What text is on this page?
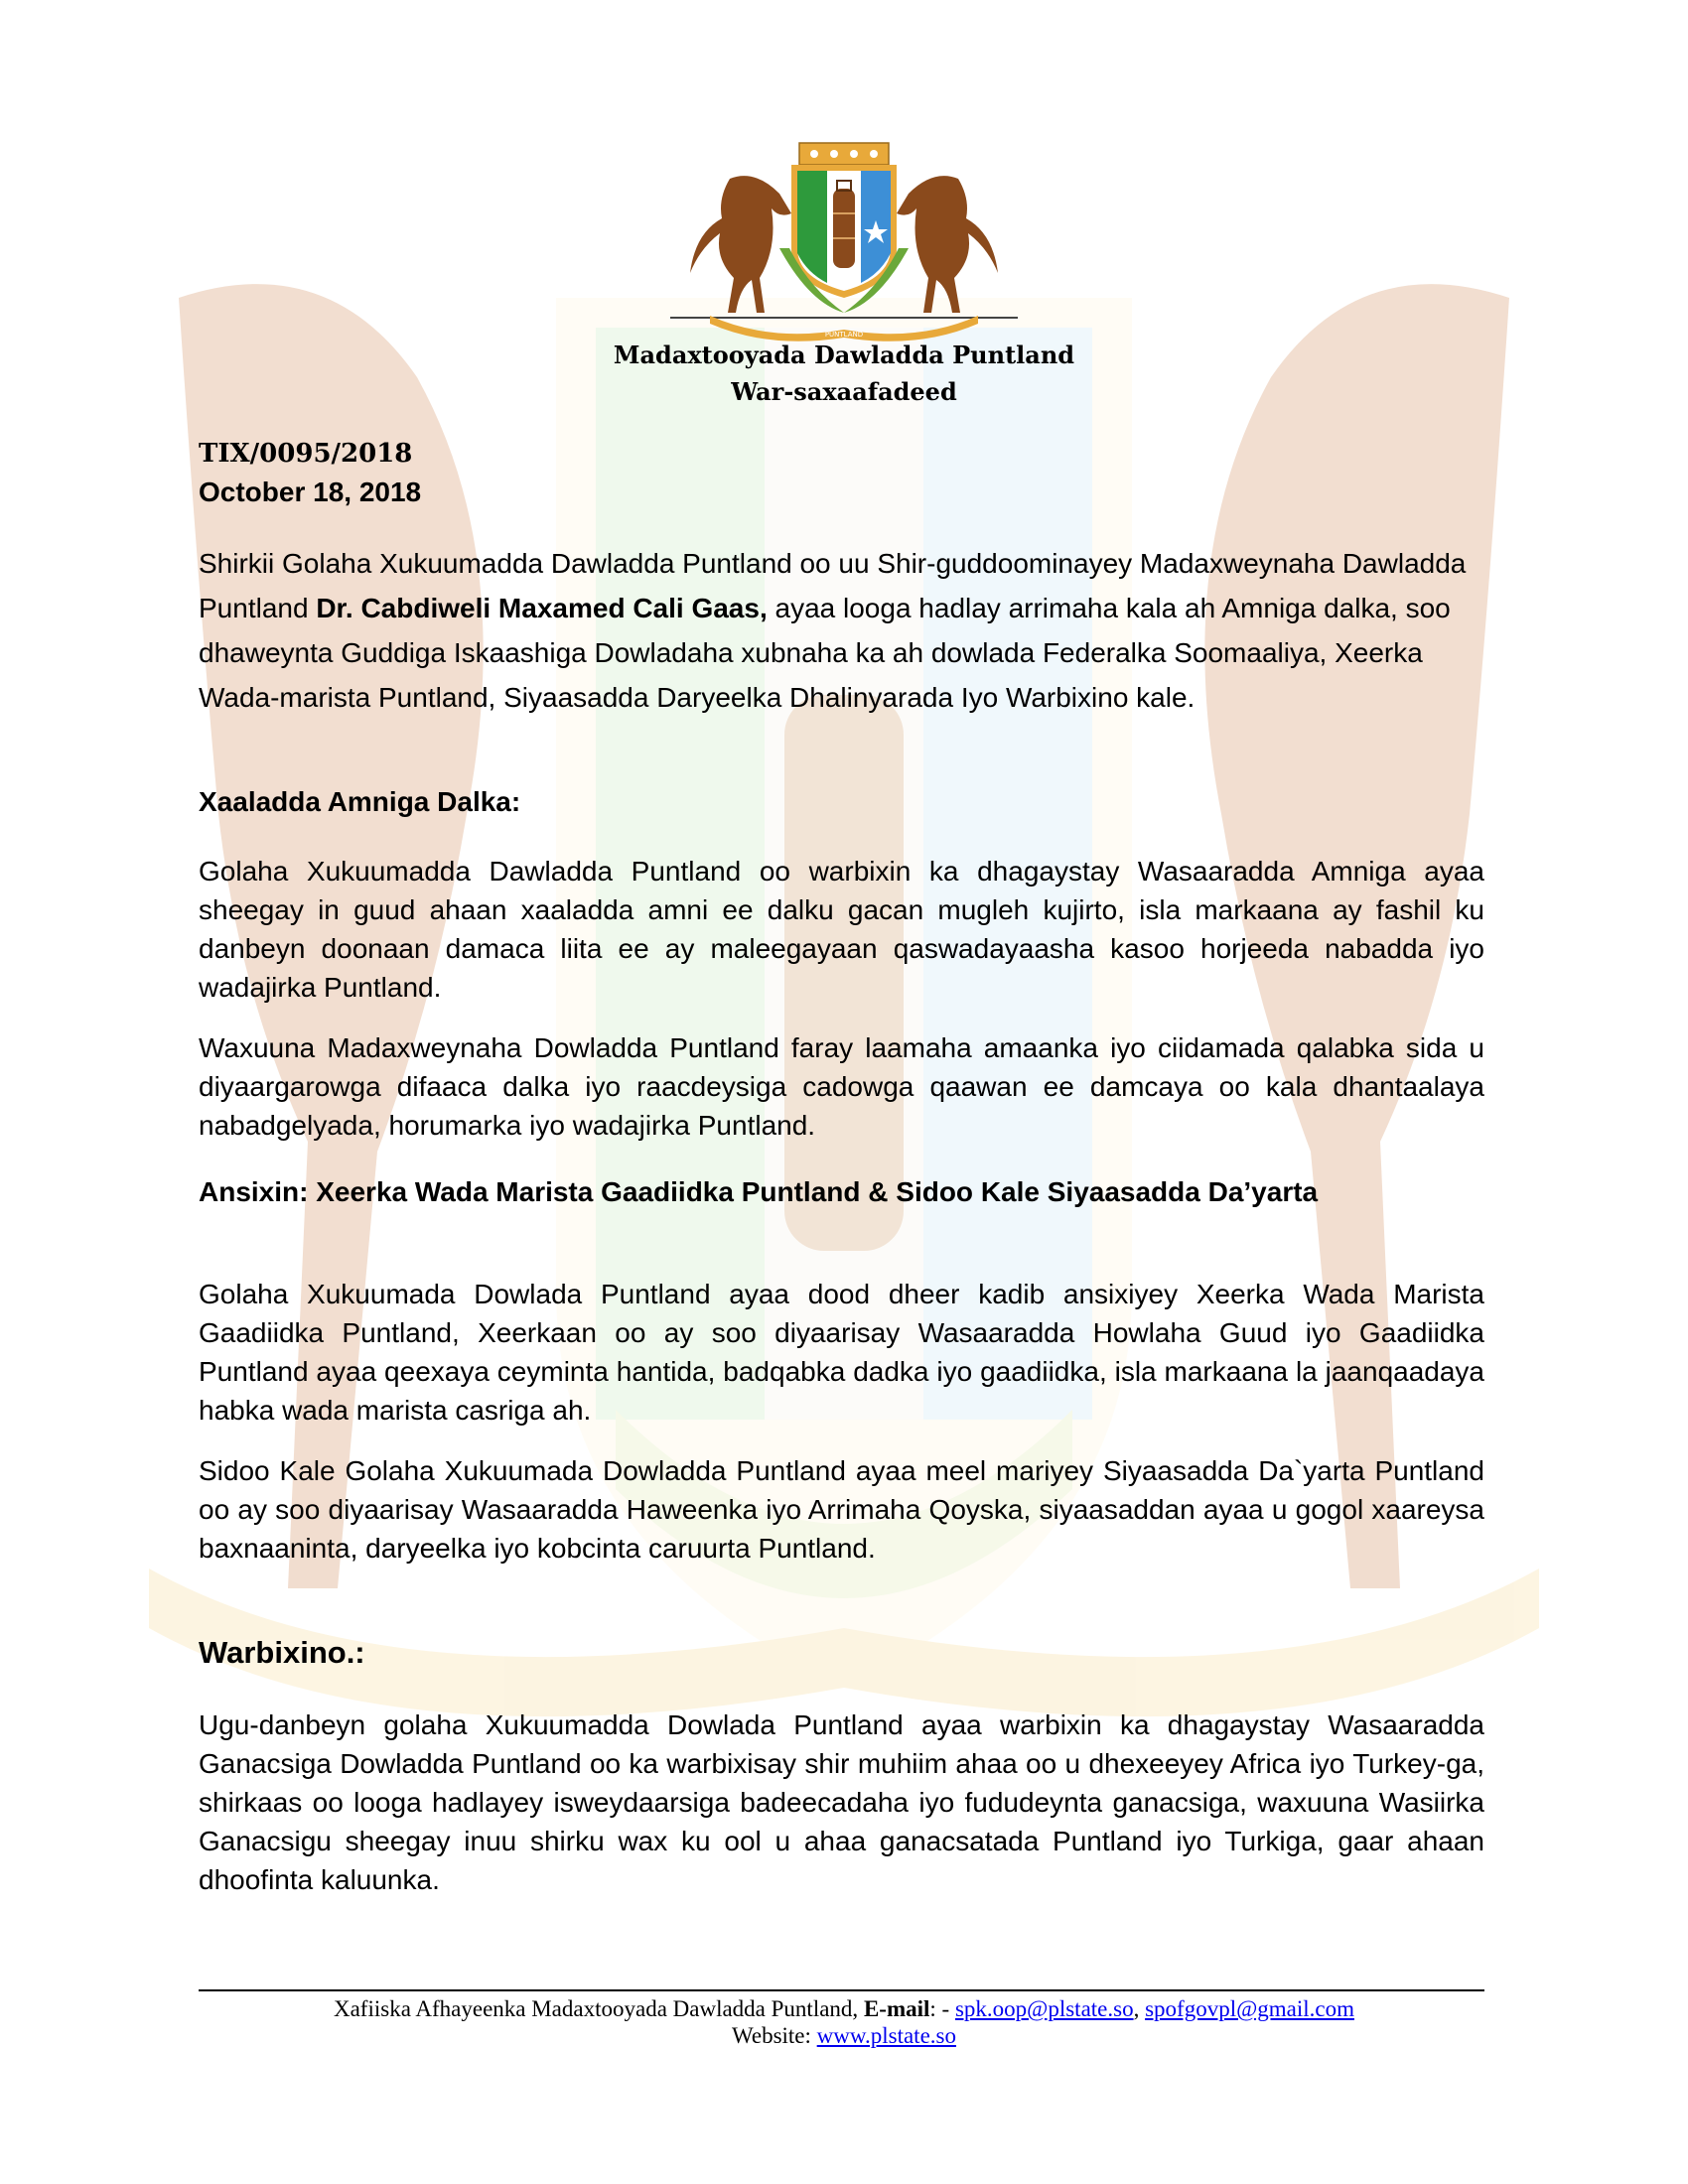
PUNTLAND
Madaxtooyada Dawladda Puntland
War-saxaafadeed
TIX/0095/2018
October 18, 2018
Shirkii Golaha Xukuumadda Dawladda Puntland oo uu Shir-guddoominayey Madaxweynaha Dawladda Puntland Dr. Cabdiweli Maxamed Cali Gaas, ayaa looga hadlay arrimaha kala ah Amniga dalka, soo dhaweynta Guddiga Iskaashiga Dowladaha xubnaha ka ah dowlada Federalka Soomaaliya, Xeerka Wada-marista Puntland, Siyaasadda Daryeelka Dhalinyarada Iyo Warbixino kale.
Xaaladda Amniga Dalka:
Golaha Xukuumadda Dawladda Puntland oo warbixin ka dhagaystay Wasaaradda Amniga ayaa sheegay in guud ahaan xaaladda amni ee dalku gacan mugleh kujirto, isla markaana ay fashil ku danbeyn doonaan damaca liita ee ay maleegayaan qaswadayaasha kasoo horjeeda nabadda iyo wadajirka Puntland.
Waxuuna Madaxweynaha Dowladda Puntland faray laamaha amaanka iyo ciidamada qalabka sida u diyaargarowga difaaca dalka iyo raacdeysiga cadowga qaawan ee damcaya oo kala dhantaalaya nabadgelyada, horumarka iyo wadajirka Puntland.
Ansixin: Xeerka Wada Marista Gaadiidka Puntland & Sidoo Kale Siyaasadda Da’yarta
Golaha Xukuumada Dowlada Puntland ayaa dood dheer kadib ansixiyey Xeerka Wada Marista Gaadiidka Puntland, Xeerkaan oo ay soo diyaarisay Wasaaradda Howlaha Guud iyo Gaadiidka Puntland ayaa qeexaya ceyminta hantida, badqabka dadka iyo gaadiidka, isla markaana la jaanqaadaya habka wada marista casriga ah.
Sidoo Kale Golaha Xukuumada Dowladda Puntland ayaa meel mariyey Siyaasadda Da`yarta Puntland oo ay soo diyaarisay Wasaaradda Haweenka iyo Arrimaha Qoyska, siyaasaddan ayaa u gogol xaareysa baxnaaninta, daryeelka iyo kobcinta caruurta Puntland.
Warbixino.:
Ugu-danbeyn golaha Xukuumadda Dowlada Puntland ayaa warbixin ka dhagaystay Wasaaradda Ganacsiga Dowladda Puntland oo ka warbixisay shir muhiim ahaa oo u dhexeeyey Africa iyo Turkey-ga, shirkaas oo looga hadlayey isweydaarsiga badeecadaha iyo fududeynta ganacsiga, waxuuna Wasiirka Ganacsigu sheegay inuu shirku wax ku ool u ahaa ganacsatada Puntland iyo Turkiga, gaar ahaan dhoofinta kaluunka.
Xafiiska Afhayeenka Madaxtooyada Dawladda Puntland, E-mail: - spk.oop@plstate.so, spofgovpl@gmail.com
Website: www.plstate.so
